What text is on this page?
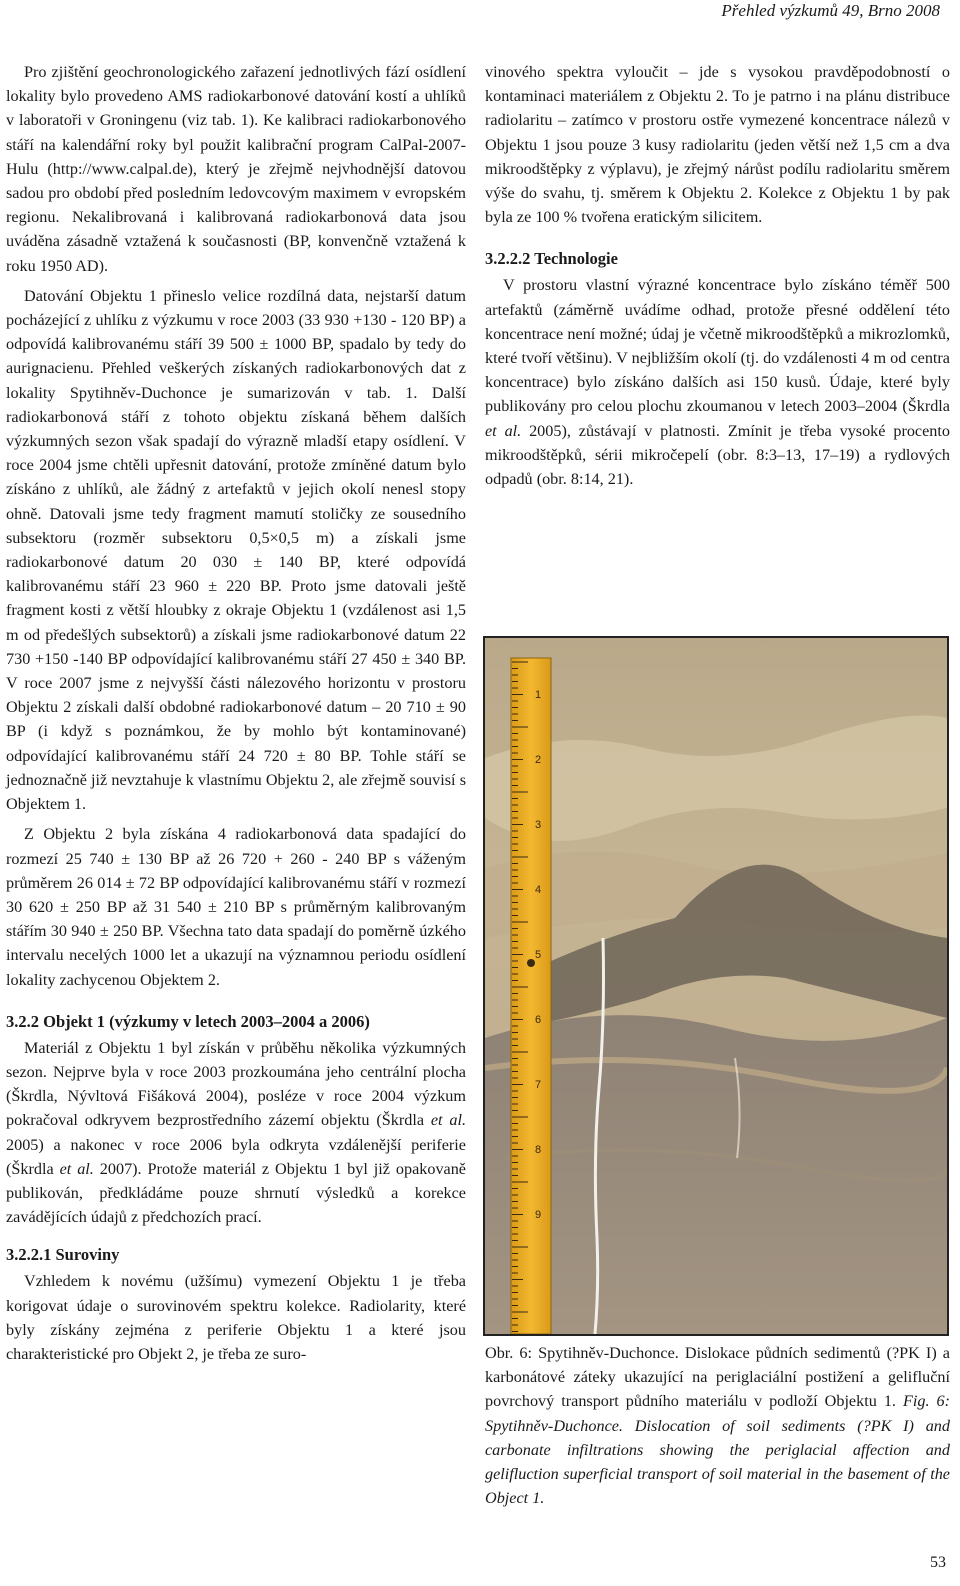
Přehled výzkumů 49, Brno 2008

Pro zjištění geochronologického zařazení jednotlivých fází osídlení lokality bylo provedeno AMS radiokarbonové datování kostí a uhlíků v laboratoři v Groningenu (viz tab. 1). Ke kalibraci radiokarbonového stáří na kalendářní roky byl použit kalibrační program CalPal-2007-Hulu (http://www.calpal.de), který je zřejmě nejvhodnější datovou sadou pro období před posledním ledovcovým maximem v evropském regionu. Nekalibrovaná i kalibrovaná radiokarbonová data jsou uváděna zásadně vztažená k současnosti (BP, konvenčně vztažená k roku 1950 AD).

Datování Objektu 1 přineslo velice rozdílná data, nejstarší datum pocházející z uhlíku z výzkumu v roce 2003 (33 930 +130 - 120 BP) a odpovídá kalibrovanému stáří 39 500 ± 1000 BP, spadalo by tedy do aurignacienu. Přehled veškerých získaných radiokarbonových dat z lokality Spytihněv-Duchonce je sumarizován v tab. 1. Další radiokarbonová stáří z tohoto objektu získaná během dalších výzkumných sezon však spadají do výrazně mladší etapy osídlení. V roce 2004 jsme chtěli upřesnit datování, protože zmíněné datum bylo získáno z uhlíků, ale žádný z artefaktů v jejich okolí nenesl stopy ohně. Datovali jsme tedy fragment mamutí stoličky ze sousedního subsektoru (rozměr subsektoru 0,5×0,5 m) a získali jsme radiokarbonové datum 20 030 ± 140 BP, které odpovídá kalibrovanému stáří 23 960 ± 220 BP. Proto jsme datovali ještě fragment kosti z větší hloubky z okraje Objektu 1 (vzdálenost asi 1,5 m od předešlých subsektorů) a získali jsme radiokarbonové datum 22 730 +150 -140 BP odpovídající kalibrovanému stáří 27 450 ± 340 BP. V roce 2007 jsme z nejvyšší části nálezového horizontu v prostoru Objektu 2 získali další obdobné radiokarbonové datum – 20 710 ± 90 BP (i když s poznámkou, že by mohlo být kontaminované) odpovídající kalibrovanému stáří 24 720 ± 80 BP. Tohle stáří se jednoznačně již nevztahuje k vlastnímu Objektu 2, ale zřejmě souvisí s Objektem 1.

Z Objektu 2 byla získána 4 radiokarbonová data spadající do rozmezí 25 740 ± 130 BP až 26 720 + 260 - 240 BP s váženým průměrem 26 014 ± 72 BP odpovídající kalibrovanému stáří v rozmezí 30 620 ± 250 BP až 31 540 ± 210 BP s průměrným kalibrovaným stářím 30 940 ± 250 BP. Všechna tato data spadají do poměrně úzkého intervalu necelých 1000 let a ukazují na významnou periodu osídlení lokality zachycenou Objektem 2.

3.2.2 Objekt 1 (výzkumy v letech 2003–2004 a 2006)

Materiál z Objektu 1 byl získán v průběhu několika výzkumných sezon. Nejprve byla v roce 2003 prozkoumána jeho centrální plocha (Škrdla, Nývltová Fišáková 2004), posléze v roce 2004 výzkum pokračoval odkryvem bezprostředního zázemí objektu (Škrdla et al. 2005) a nakonec v roce 2006 byla odkryta vzdálenější periferie (Škrdla et al. 2007). Protože materiál z Objektu 1 byl již opakovaně publikován, předkládáme pouze shrnutí výsledků a korekce zavádějících údajů z předchozích prací.

3.2.2.1 Suroviny

Vzhledem k novému (užšímu) vymezení Objektu 1 je třeba korigovat údaje o surovinovém spektru kolekce. Radiolarity, které byly získány zejména z periferie Objektu 1 a které jsou charakteristické pro Objekt 2, je třeba ze suro-

vinového spektra vyloučit – jde s vysokou pravděpodobností o kontaminaci materiálem z Objektu 2. To je patrno i na plánu distribuce radiolaritu – zatímco v prostoru ostře vymezené koncentrace nálezů v Objektu 1 jsou pouze 3 kusy radiolaritu (jeden větší než 1,5 cm a dva mikroodštěpky z výplavu), je zřejmý nárůst podílu radiolaritu směrem výše do svahu, tj. směrem k Objektu 2. Kolekce z Objektu 1 by pak byla ze 100 % tvořena eratickým silicitem.

3.2.2.2 Technologie

V prostoru vlastní výrazné koncentrace bylo získáno téměř 500 artefaktů (záměrně uvádíme odhad, protože přesné oddělení této koncentrace není možné; údaj je včetně mikroodštěpků a mikrozlomků, které tvoří většinu). V nejbližším okolí (tj. do vzdálenosti 4 m od centra koncentrace) bylo získáno dalších asi 150 kusů. Údaje, které byly publikovány pro celou plochu zkoumanou v letech 2003–2004 (Škrdla et al. 2005), zůstávají v platnosti. Zmínit je třeba vysoké procento mikroodštěpků, sérii mikročepelí (obr. 8:3–13, 17–19) a rydlových odpadů (obr. 8:14, 21).

1
2
3
4
5
6
7
8
9
Obr. 6: Spytihněv-Duchonce. Dislokace půdních sedimentů (?PK I) a karbonátové záteky ukazující na periglaciální postižení a gelifluční povrchový transport půdního materiálu v podloží Objektu 1. Fig. 6: Spytihněv-Duchonce. Dislocation of soil sediments (?PK I) and carbonate infiltrations showing the periglacial affection and gelifluction superficial transport of soil material in the basement of the Object 1.
53
